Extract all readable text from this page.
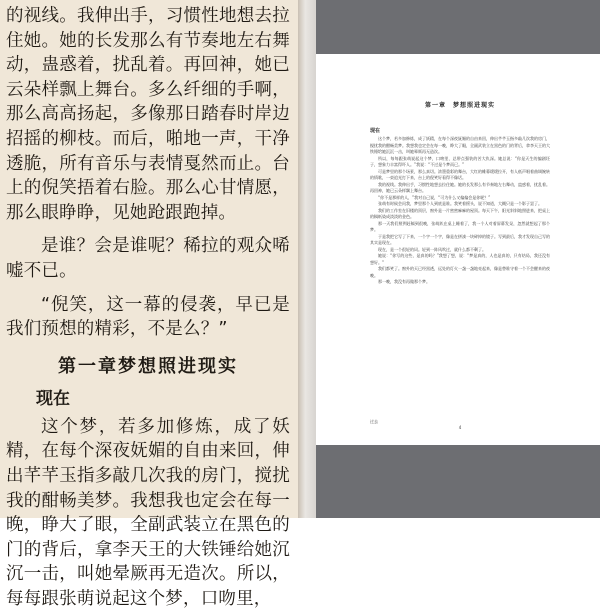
的视线。我伸出手，习惯性地想去拉住她。她的长发那么有节奏地左右舞动，蛊惑着，扰乱着。再回神，她已云朵样飘上舞台。多么纤细的手啊，那么高高扬起，多像那日踏春时岸边招摇的柳枝。而后，啪地一声，干净透脆，所有音乐与表情戛然而止。台上的倪笑捂着右脸。那么心甘情愿，那么眼睁睁，见她跄跟跑掉。

是谁？会是谁呢？稀拉的观众唏嘘不已。

“倪笑，这一幕的侵袭，早已是我们预想的精彩，不是么？”

第一章梦想照进现实
现在

这个梦，若多加修炼，成了妖精，在每个深夜妩媚的自由来回，伸出芊芊玉指多敲几次我的房门，搅扰我的酣畅美梦。我想我也定会在每一晚，睁大了眼，全副武装立在黑色的门的背后，拿李天王的大铁锤给她沉沉一击，叫她晕厥再无造次。所以，每每跟张萌说起这个梦，口吻里，

第一章　梦想照进现实
现在

这个梦，若多加修炼，成了妖精，在每个深夜妩媚的自由来回，伸出芊芊玉指多敲几次我的房门，搅扰我的酣畅美梦。我想我也定会在每一晚，睁大了眼，全副武装立在黑色的门的背后，拿李天王的大铁锤给她沉沉一击，叫她晕厥再无造次。

所以，每每跟张萌说起这个梦，口吻里，总带点强装的苦大仇深。她总说：“你是天生的编剧坯子，想象力丰富得吓人。”我说：“不过是个梦而已。”

可是梦里的那个场景，那么真切。浓墨重彩的舞台，大红的帷幕缓缓拉开，有人低声唱着曲调婉转的情歌，一束追光打下来，台上的倪笑好看得不像话。

我的视线。我伸出手，习惯性地想去拉住她。她的长发那么有节奏地左右舞动，蛊惑着，扰乱着。再回神，她已云朵样飘上舞台。

“你不是那样的人，”我对自己说，“可为什么又偏偏会是你呢？”

张萌有时候会问我，梦里那个人到底是谁。我笑着摇头，说不知道，大概只是一个影子罢了。

我们的工作室在旧楼的顶层，窗外是一片密密麻麻的屋顶。每天下午，阳光斜斜地照进来，把桌上的稿纸染成淡淡的金色。

那一天我们照例赶稿到很晚，张萌趴在桌上睡着了，我一个人对着屏幕发呆，忽然就想起了那个梦。

于是我把它写了下来，一个字一个字，像是在拼凑一块碎掉的镜子。写到最后，我才发现自己写的其实是现在。

现在，是一个很轻的词。轻到一阵风吹过，就什么都不剩了。

她说：“你写的这些，是真的吗？”我想了想，说：“梦是真的，人也是真的，只有结局，我还没有想好。”

我们都笑了。窗外的天已经黑透，远处的灯火一盏一盏地亮起来，像是替谁守着一个不会醒来的夜晚。

那一晚，我没有再做那个梦。

过去
4
